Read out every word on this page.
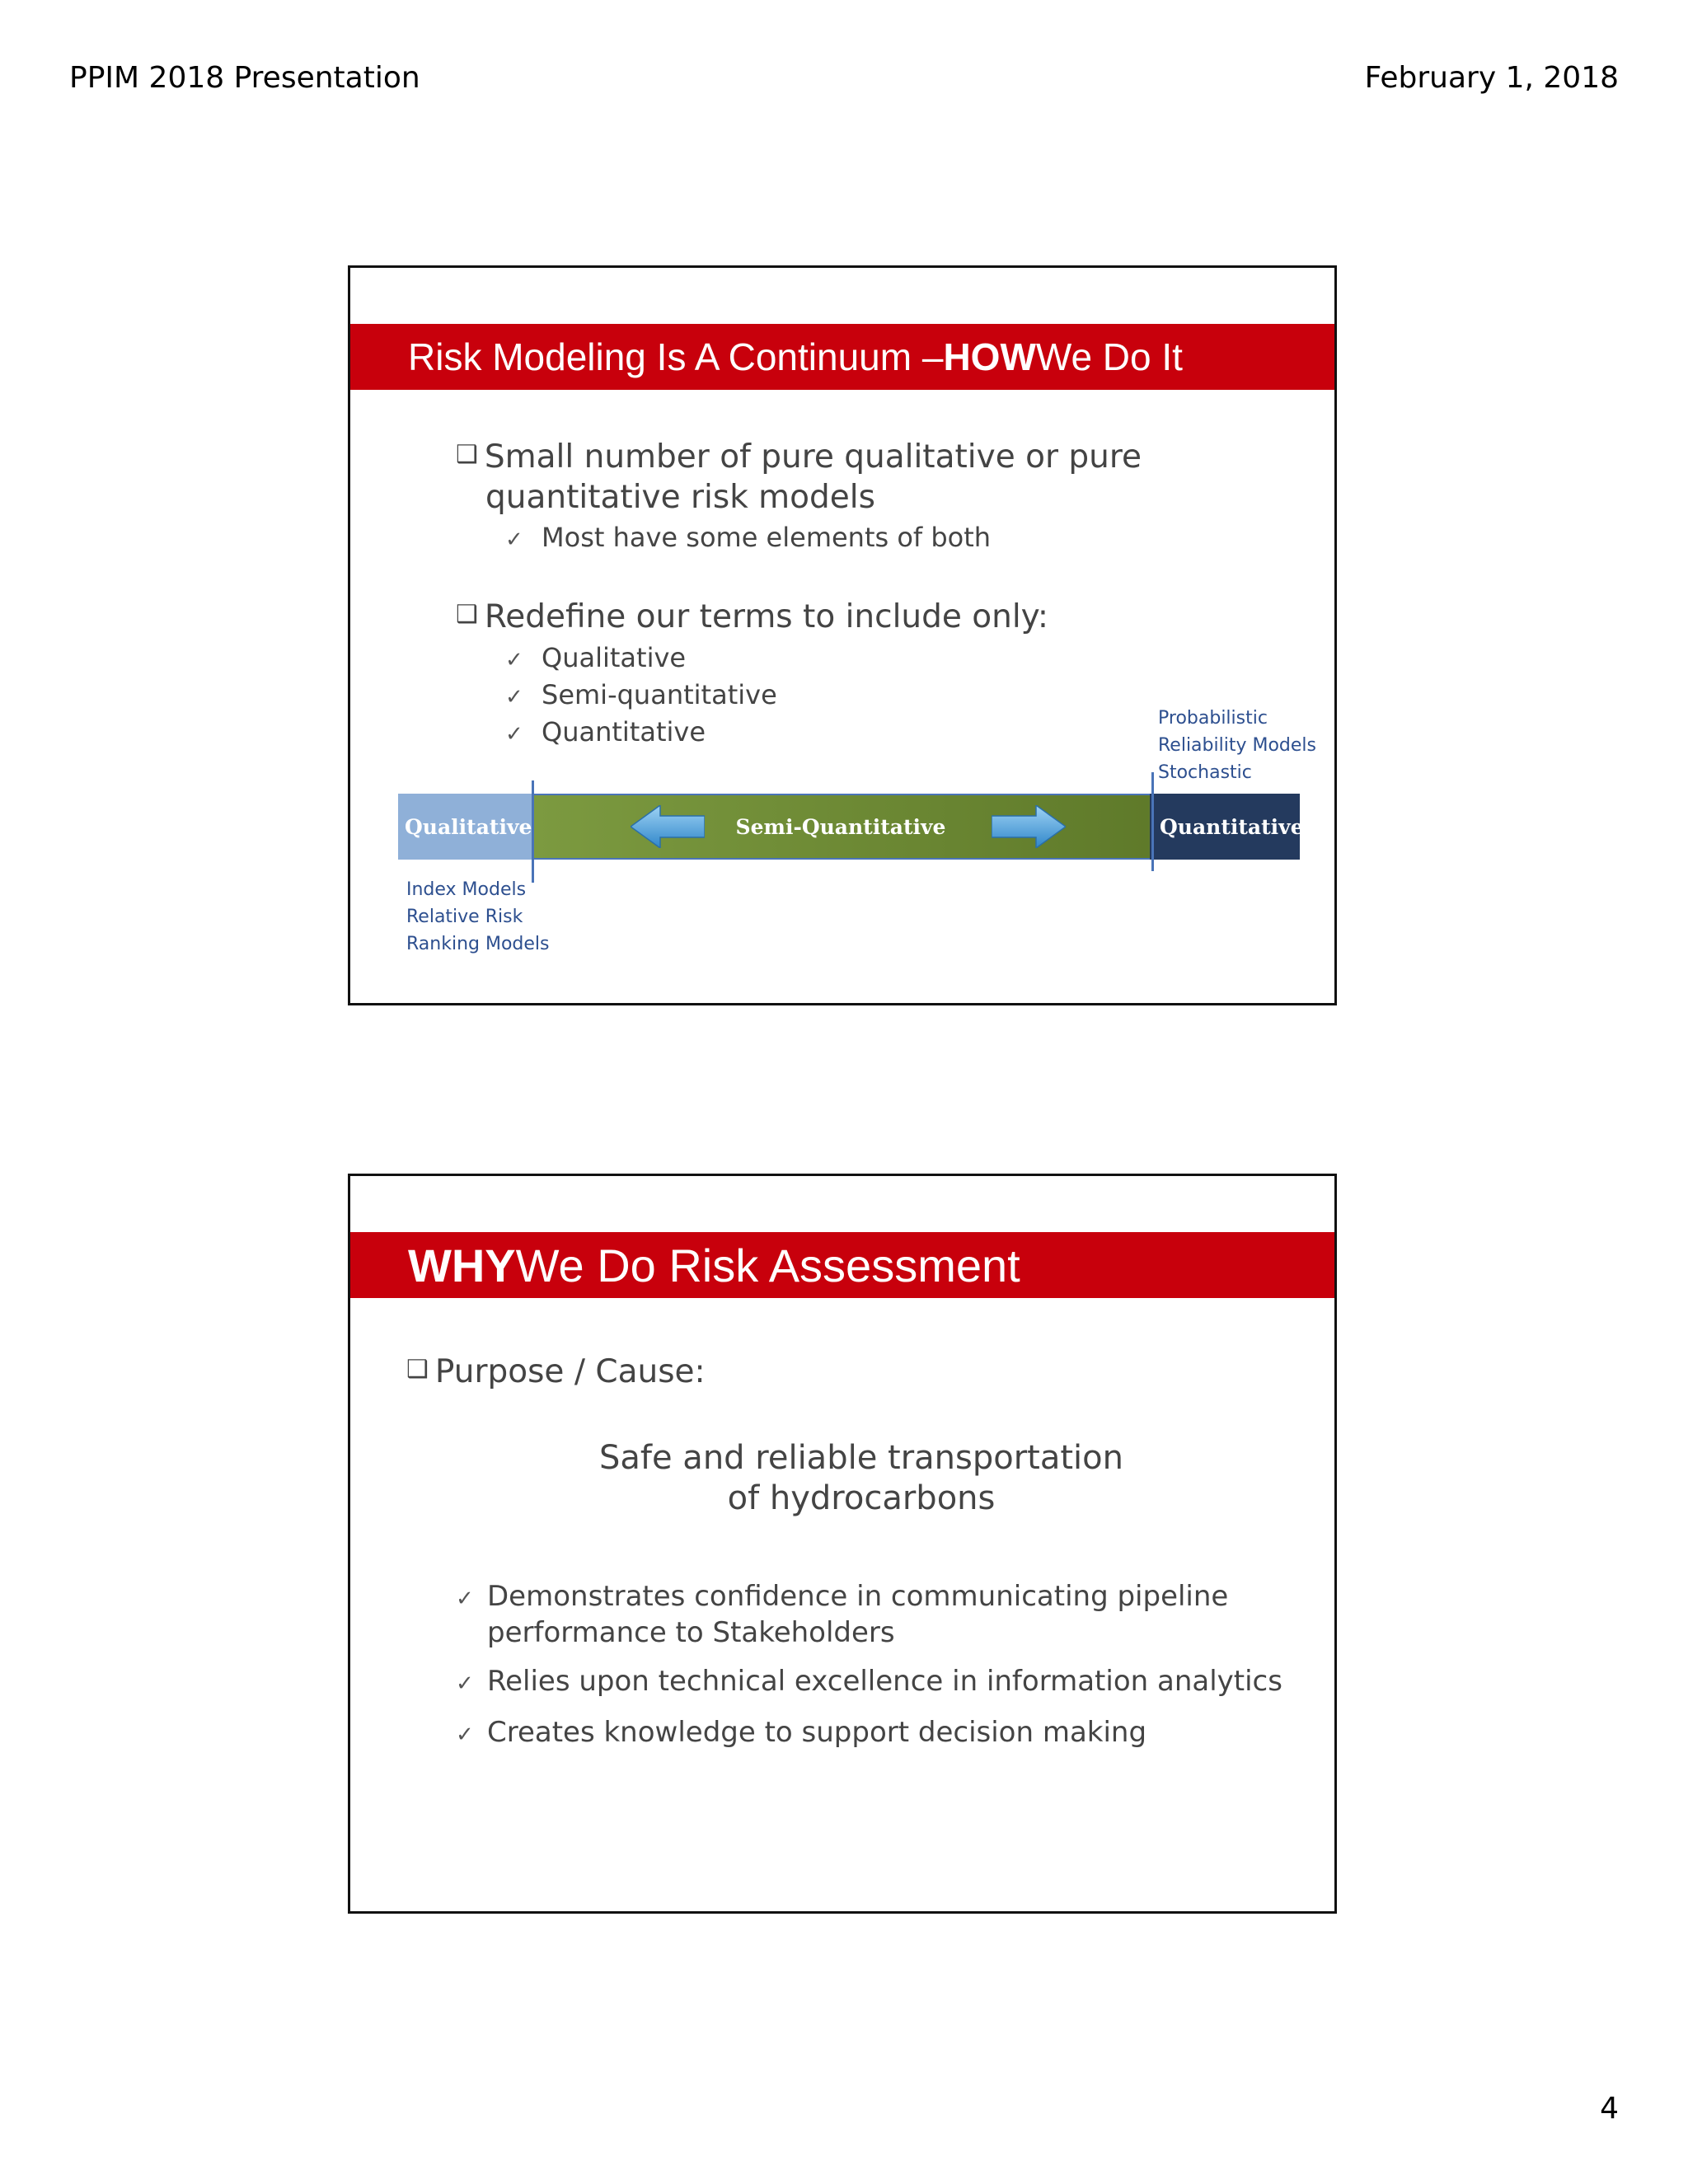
PPIM 2018 Presentation	February 1, 2018
Risk Modeling Is A Continuum – HOW We Do It
❑ Small number of pure qualitative or pure
quantitative risk models
✓ Most have some elements of both
❑ Redefine our terms to include only:
✓ Qualitative
✓ Semi-quantitative
✓ Quantitative	Probabilistic
Reliability Models
Stochastic
Qualitative	Semi-Quantitative	Quantitative
Index Models
Relative Risk
Ranking Models
WHY We Do Risk Assessment
❑ Purpose / Cause:
Safe and reliable transportation
of hydrocarbons
✓ Demonstrates confidence in communicating pipeline
performance to Stakeholders
✓ Relies upon technical excellence in information analytics
✓ Creates knowledge to support decision making
4
